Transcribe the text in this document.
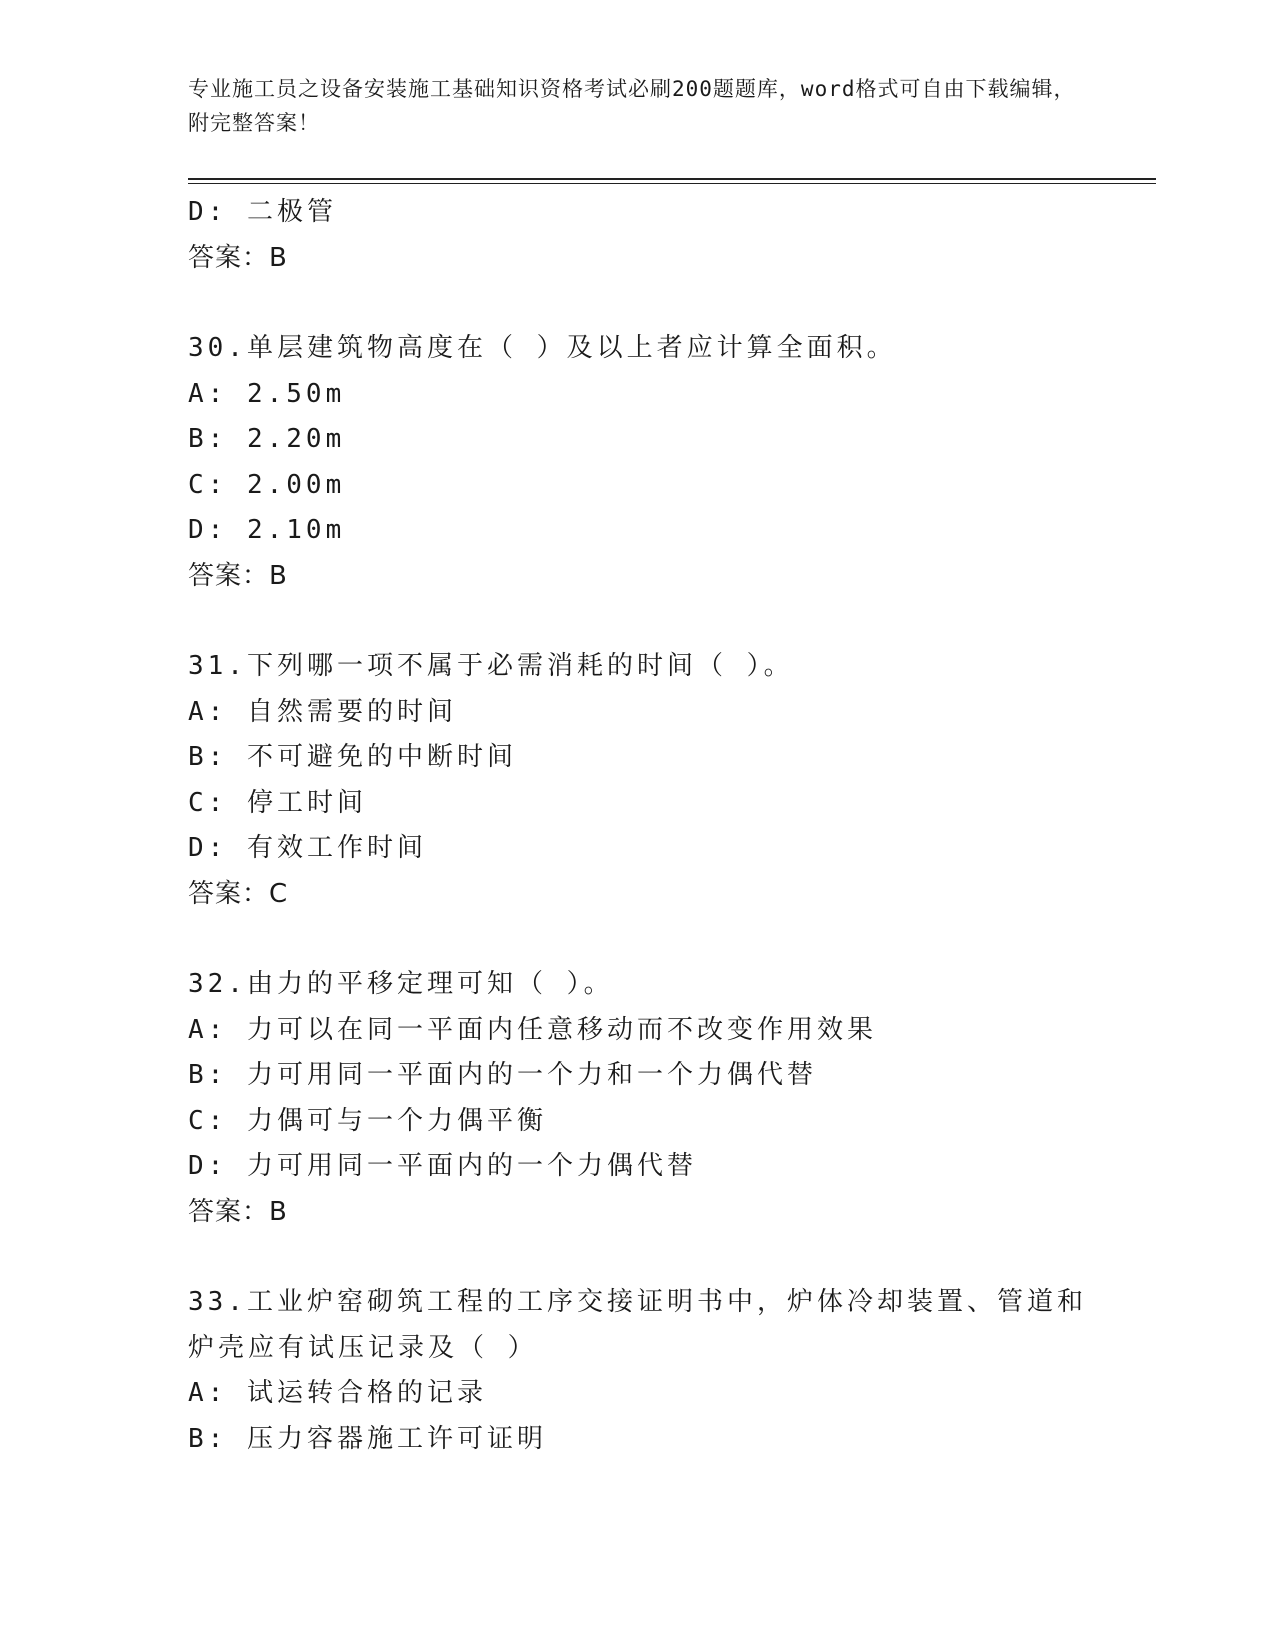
专业施工员之设备安装施工基础知识资格考试必刷200题题库，word格式可自由下载编辑，附完整答案！
D: 二极管
答案：B
30.单层建筑物高度在（ ）及以上者应计算全面积。
A: 2.50m
B: 2.20m
C: 2.00m
D: 2.10m
答案：B
31.下列哪一项不属于必需消耗的时间（ ）。
A: 自然需要的时间
B: 不可避免的中断时间
C: 停工时间
D: 有效工作时间
答案：C
32.由力的平移定理可知（ ）。
A: 力可以在同一平面内任意移动而不改变作用效果
B: 力可用同一平面内的一个力和一个力偶代替
C: 力偶可与一个力偶平衡
D: 力可用同一平面内的一个力偶代替
答案：B
33.工业炉窑砌筑工程的工序交接证明书中，炉体冷却装置、管道和炉壳应有试压记录及（ ）
A: 试运转合格的记录
B: 压力容器施工许可证明
